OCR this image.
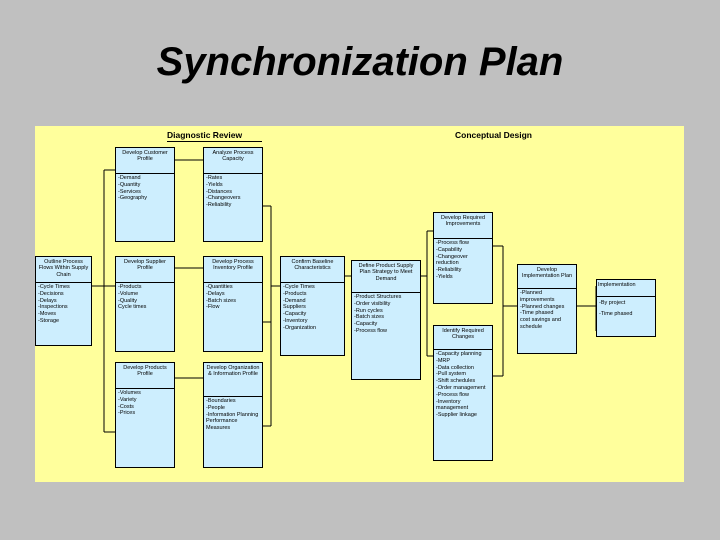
Synchronization Plan
Diagnostic Review	Conceptual Design
Develop Customer Profile
-Demand
-Quantity
-Services
-Geography
Analyze Process Capacity
-Rates
-Yields
-Distances
-Changeovers
-Reliability
Outline Process Flows Within Supply Chain
-Cycle Times
-Decisions
-Delays
-Inspections
-Moves
-Storage
Develop Supplier Profile
-Products
-Volume
-Quality
Cycle times
Develop Process Inventory Profile
-Quantities
-Delays
-Batch sizes
-Flow
Confirm Baseline Characteristics
-Cycle Times
-Products
-Demand
Suppliers
-Capacity
-Inventory
-Organization
Define Product Supply Plan Strategy to Meet Demand
-Product Structures
-Order visibility
-Run cycles
-Batch sizes
-Capacity
-Process flow
Develop Products Profile
-Volumes
-Variety
-Costs
-Prices
Develop Organization & Information Profile
-Boundaries
-People
-Information Planning
Performance
Measures
Develop Required Improvements
-Process flow
-Capability
-Changeover
reduction
-Reliability
-Yields
Identify Required Changes
-Capacity planning
-MRP
-Data collection
-Pull system
-Shift schedules
-Order management
-Process flow
-Inventory
management
-Supplier linkage
Develop Implementation Plan
-Planned
improvements
-Planned changes
-Time phased
cost savings and
schedule
Implementation
-By project
-Time phased
